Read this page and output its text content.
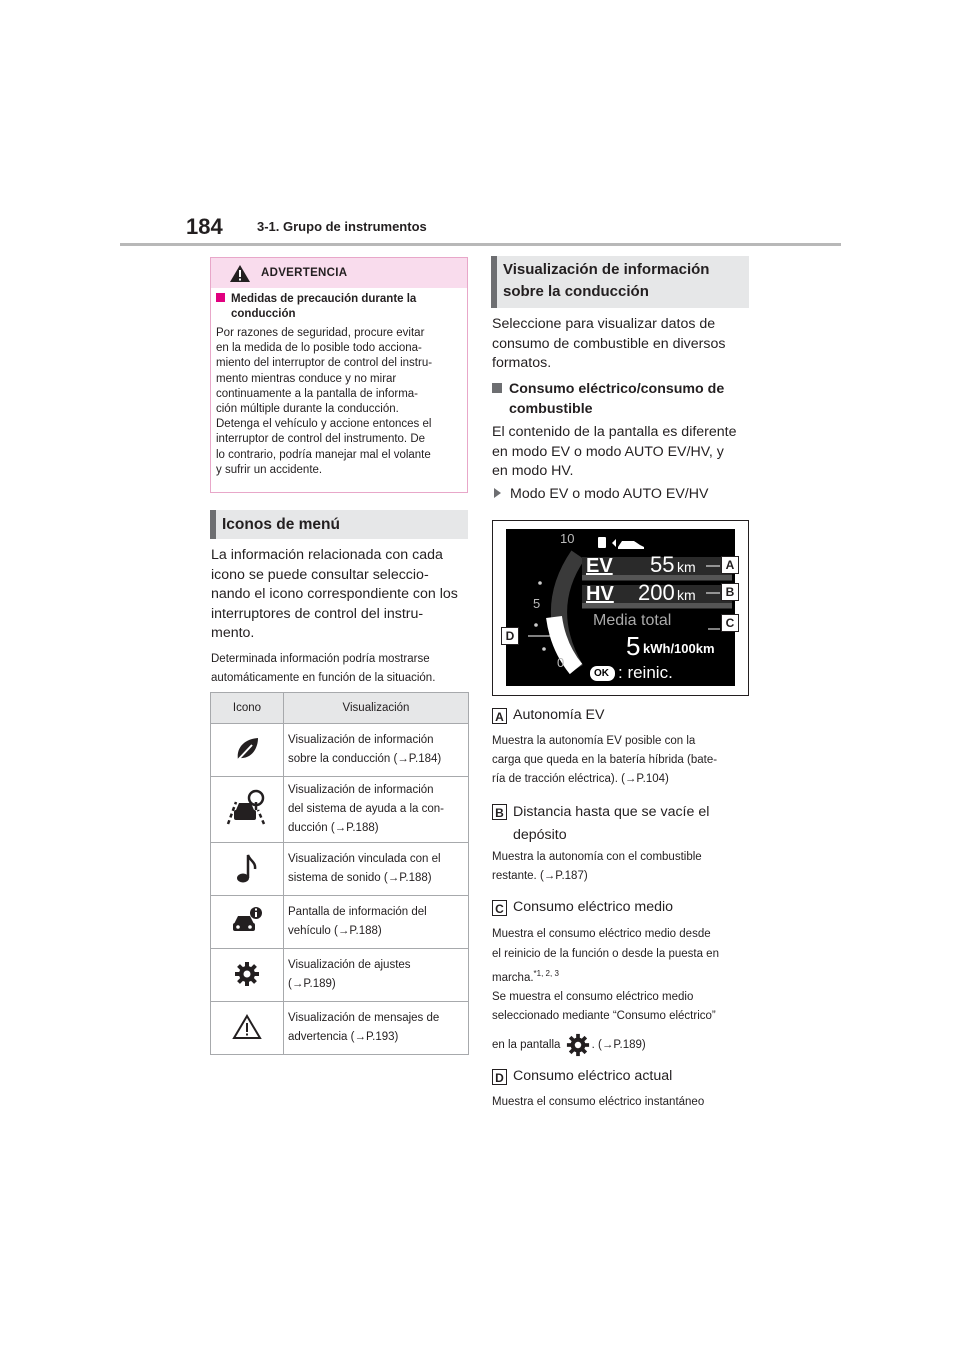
184	3-1. Grupo de instrumentos
ADVERTENCIA
Medidas de precaución durante la conducción
Por razones de seguridad, procure evitar
en la medida de lo posible todo acciona-
miento del interruptor de control del instru-
mento mientras conduce y no mirar
continuamente a la pantalla de informa-
ción múltiple durante la conducción.
Detenga el vehículo y accione entonces el
interruptor de control del instrumento. De
lo contrario, podría manejar mal el volante
y sufrir un accidente.
Iconos de menú
La información relacionada con cada
icono se puede consultar seleccio-
nando el icono correspondiente con los
interruptores de control del instru-
mento.
Determinada información podría mostrarse
automáticamente en función de la situación.
Icono	Visualización
	Visualización de información
sobre la conducción (→P.184)
	Visualización de información
del sistema de ayuda a la con-
ducción (→P.188)
	Visualización vinculada con el
sistema de sonido (→P.188)
	Pantalla de información del
vehículo (→P.188)
	Visualización de ajustes
(→P.189)
	Visualización de mensajes de
advertencia (→P.193)
Visualización de información
sobre la conducción
Seleccione para visualizar datos de
consumo de combustible en diversos
formatos.
Consumo eléctrico/consumo de combustible
El contenido de la pantalla es diferente
en modo EV o modo AUTO EV/HV, y
en modo HV.
Modo EV o modo AUTO EV/HV
10
5
0
EV 55 km
HV 200 km
Media total
5 kWh/100km
OK : reinic.
A
B
C
D
A Autonomía EV
Muestra la autonomía EV posible con la
carga que queda en la batería híbrida (bate-
ría de tracción eléctrica). (→P.104)
B Distancia hasta que se vacíe el
depósito
Muestra la autonomía con el combustible
restante. (→P.187)
C Consumo eléctrico medio
Muestra el consumo eléctrico medio desde
el reinicio de la función o desde la puesta en
marcha.$^{*1, 2, 3}$
Se muestra el consumo eléctrico medio
seleccionado mediante “Consumo eléctrico”
en la pantalla	. (→P.189)
D Consumo eléctrico actual
Muestra el consumo eléctrico instantáneo
